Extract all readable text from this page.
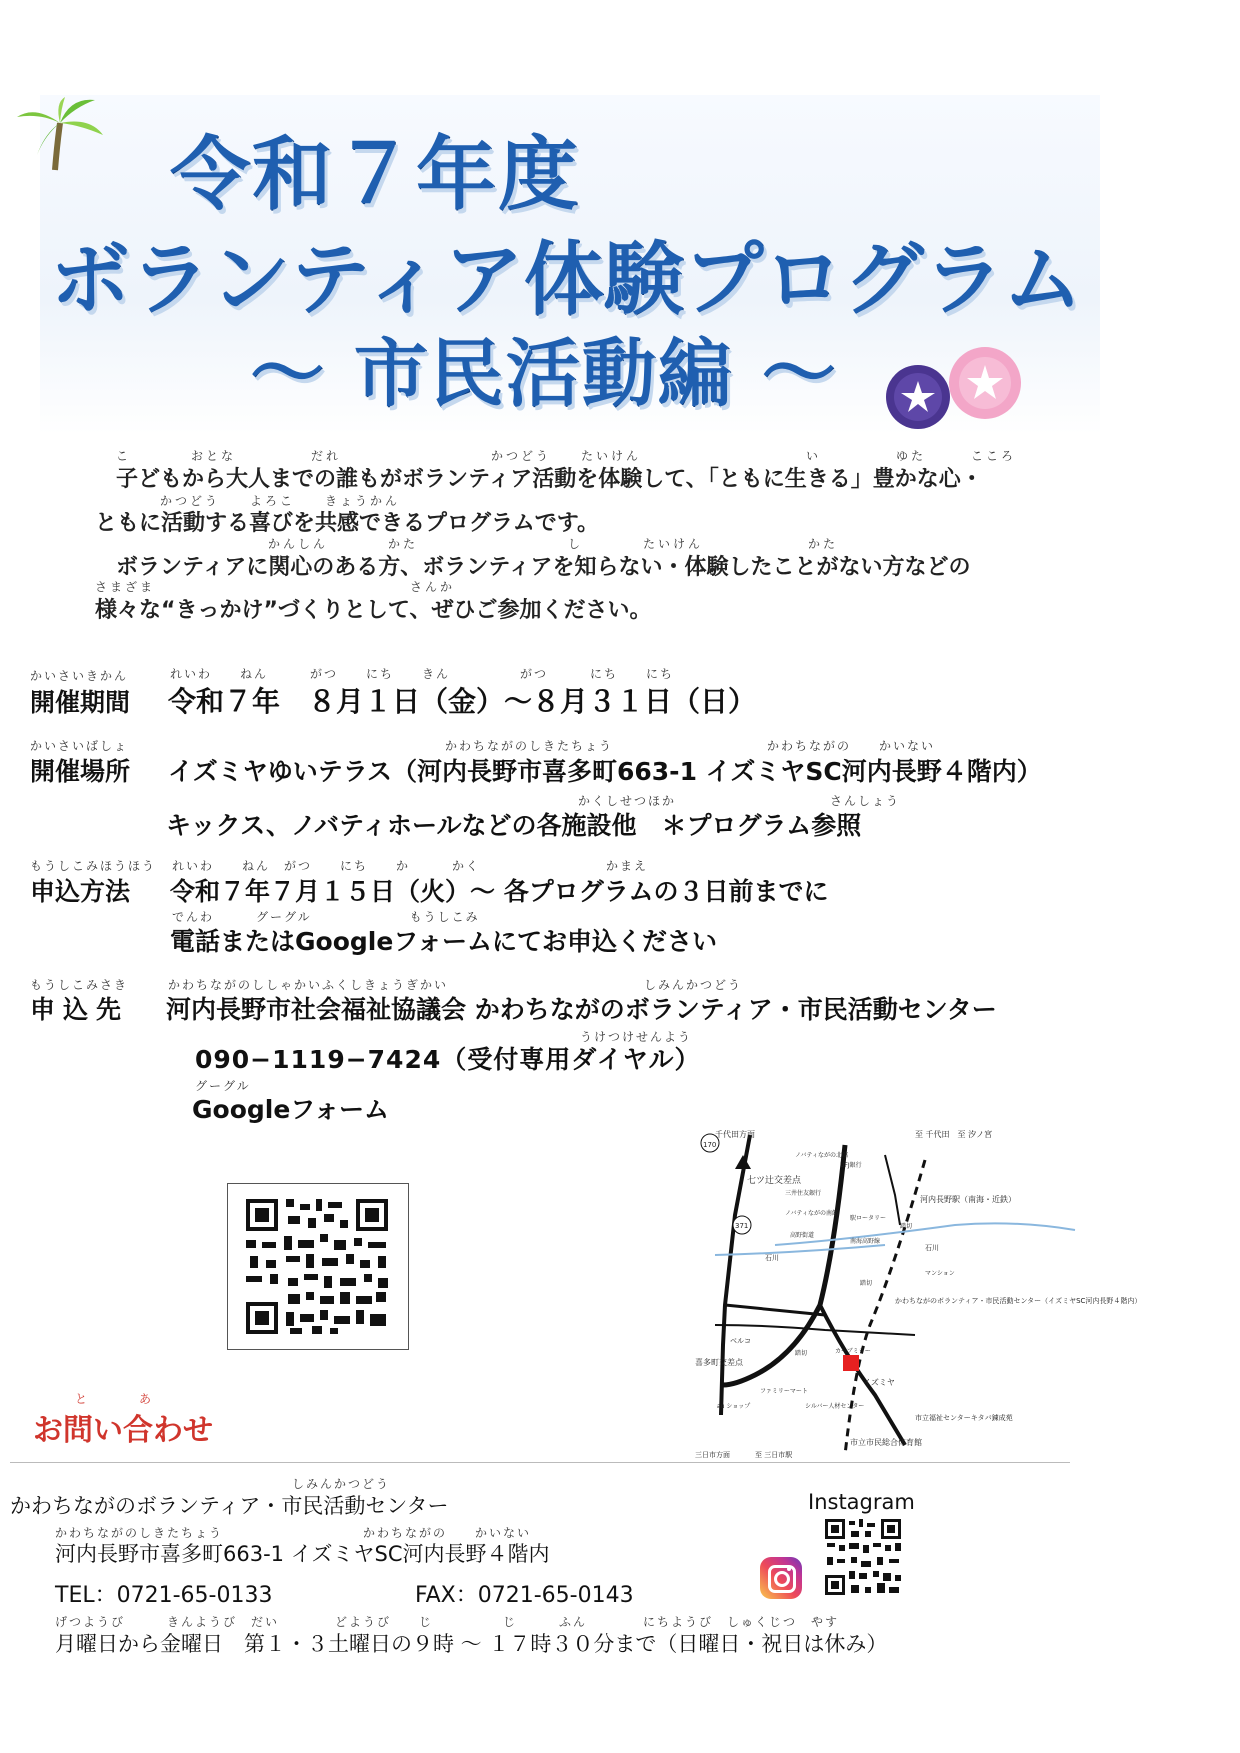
令和７年度
ボランティア体験プログラム
～ 市民活動編 ～
こ　　　　おとな　　　　　だれ　　　　　　　　　　かつどう　　たいけん　　　　　　　　　　　い　　　　　ゆた　　　こころ
子どもから大人までの誰もがボランティア活動を体験して、「ともに生きる」豊かな心・
かつどう　　よろこ　　きょうかん
ともに活動する喜びを共感できるプログラムです。
かんしん　　　　かた　　　　　　　　　　し　　　　たいけん　　　　　　　かた
ボランティアに関心のある方、ボランティアを知らない・体験したことがない方などの
さまざま　　　　　　　　　　　　　　　　　さんか
様々な“きっかけ”づくりとして、ぜひご参加ください。
かいさいきかん
開催期間
れいわ　　ねん　　　がつ　　にち　　きん　　　　　がつ　　　にち　　にち
令和７年　８月１日（金）～８月３１日（日）
かいさいばしょ
開催場所
かわちながのしきたちょう　　　　　　　　　　　かわちながの　　かいない
イズミヤゆいテラス（河内長野市喜多町663-1 イズミヤSC河内長野４階内）
かくしせつほか　　　　　　　　　　　さんしょう
キックス、ノバティホールなどの各施設他　＊プログラム参照
もうしこみほうほう
申込方法
れいわ　　ねん　がつ　　にち　　か　　　かく　　　　　　　　　かまえ
令和７年７月１５日（火）～ 各プログラムの３日前までに
でんわ　　　グーグル　　　　　　　もうしこみ
電話またはGoogleフォームにてお申込ください
もうしこみさき
申込先
かわちながのししゃかいふくしきょうぎかい　　　　　　　　　　　　　　しみんかつどう
河内長野市社会福祉協議会 かわちながのボランティア・市民活動センター
うけつけせんよう
090−1119−7424（受付専用ダイヤル）
グーグル
Googleフォーム
千代田方面	至 千代田　至 汐ノ宮
170
七ツ辻交差点
ノバティながの北館
UFJ銀行
三井住友銀行
ノバティながの南館
河内長野駅（南海・近鉄）
371
高野街道
駅ロータリー
南海高野線
踏切
石川
石川
マンション
踏切
かわちながのボランティア・市民活動センター（イズミヤSC河内長野４階内）
ベルコ
踏切	カーブミラー
イズミヤ
喜多町交差点
ファミリーマート
au ショップ	シルバー人材センター
市立福祉センターキタバ錬成苑
市立市民総合体育館
三日市方面	至 三日市駅
と　あ
お問い合わせ
しみんかつどう
かわちながのボランティア・市民活動センター
かわちながのしきたちょう　　　　　　　　　　かわちながの　　かいない
河内長野市喜多町663-1 イズミヤSC河内長野４階内
TEL：0721-65-0133	FAX：0721-65-0143
げつようび　　　きんようび　だい　　　　どようび　　じ　　　　　じ　　　ふん　　　　にちようび　しゅくじつ　やす
月曜日から金曜日　第１・３土曜日の９時 ～ １７時３０分まで（日曜日・祝日は休み）
Instagram
